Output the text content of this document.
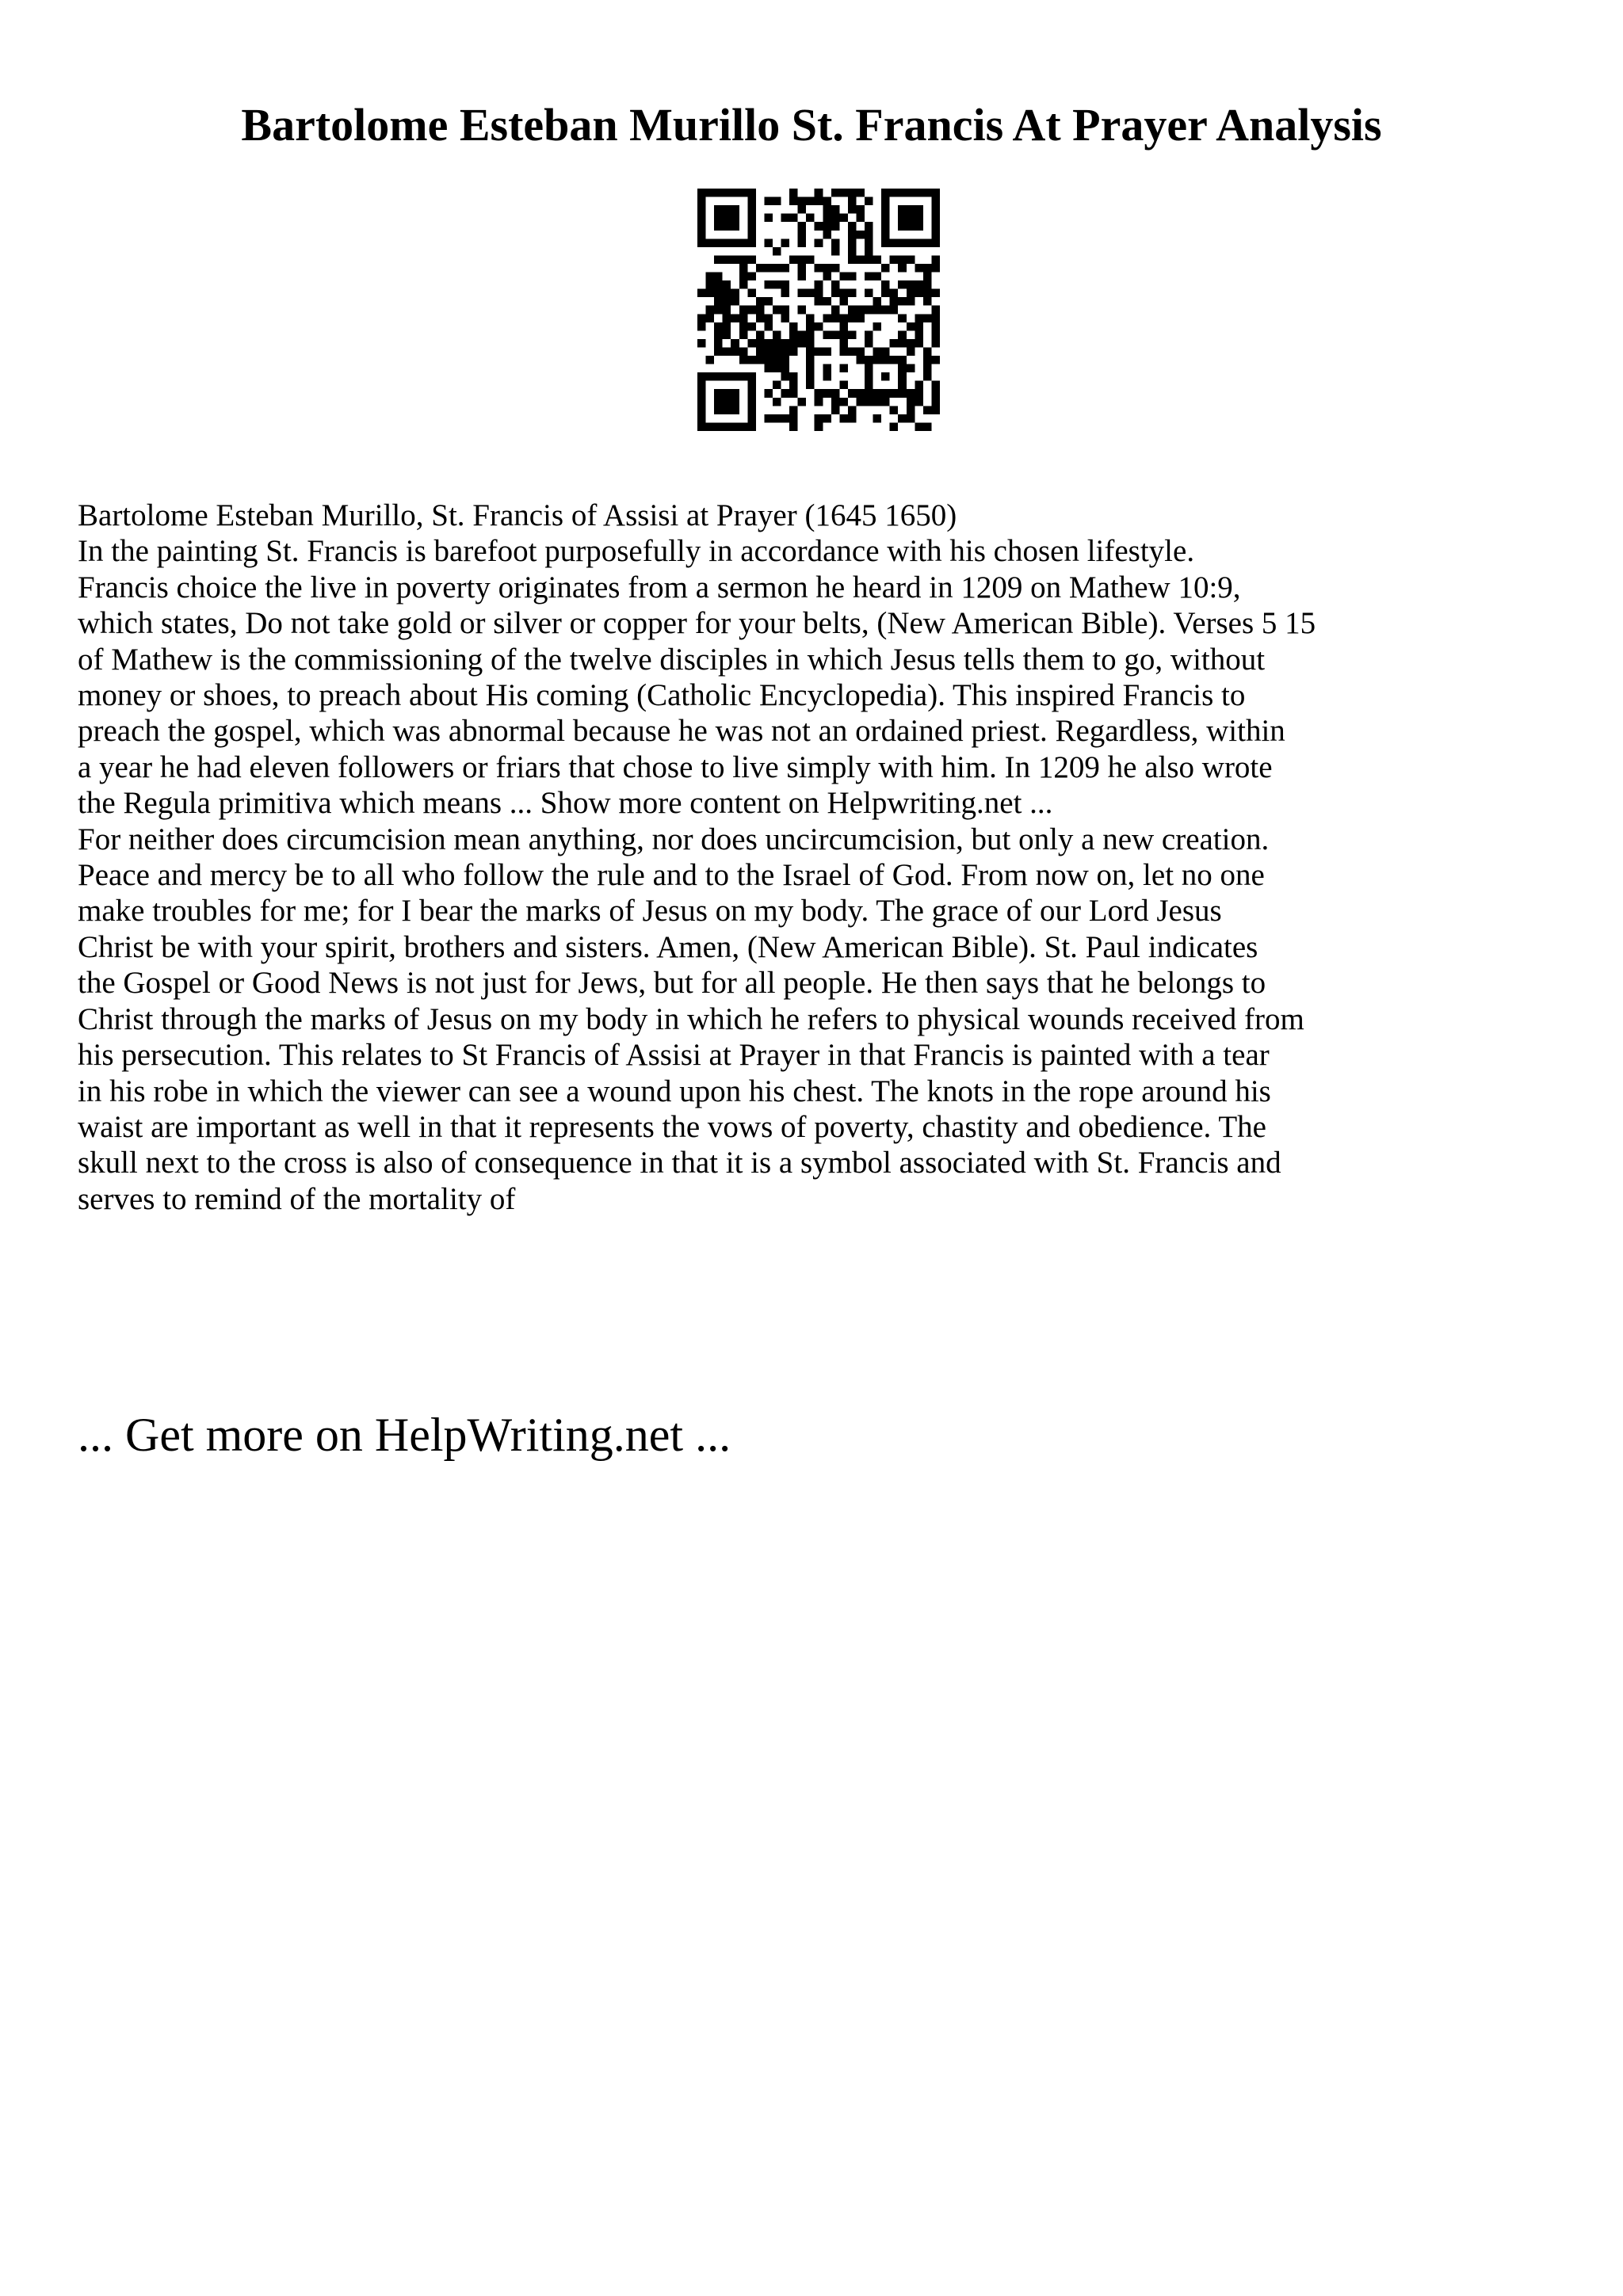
Bartolome Esteban Murillo St. Francis At Prayer Analysis
Bartolome Esteban Murillo, St. Francis of Assisi at Prayer (1645 1650)
In the painting St. Francis is barefoot purposefully in accordance with his chosen lifestyle.
Francis choice the live in poverty originates from a sermon he heard in 1209 on Mathew 10:9,
which states, Do not take gold or silver or copper for your belts, (New American Bible). Verses 5 15
of Mathew is the commissioning of the twelve disciples in which Jesus tells them to go, without
money or shoes, to preach about His coming (Catholic Encyclopedia). This inspired Francis to
preach the gospel, which was abnormal because he was not an ordained priest. Regardless, within
a year he had eleven followers or friars that chose to live simply with him. In 1209 he also wrote
the Regula primitiva which means ... Show more content on Helpwriting.net ...
For neither does circumcision mean anything, nor does uncircumcision, but only a new creation.
Peace and mercy be to all who follow the rule and to the Israel of God. From now on, let no one
make troubles for me; for I bear the marks of Jesus on my body. The grace of our Lord Jesus
Christ be with your spirit, brothers and sisters. Amen, (New American Bible). St. Paul indicates
the Gospel or Good News is not just for Jews, but for all people. He then says that he belongs to
Christ through the marks of Jesus on my body in which he refers to physical wounds received from
his persecution. This relates to St Francis of Assisi at Prayer in that Francis is painted with a tear
in his robe in which the viewer can see a wound upon his chest. The knots in the rope around his
waist are important as well in that it represents the vows of poverty, chastity and obedience. The
skull next to the cross is also of consequence in that it is a symbol associated with St. Francis and
serves to remind of the mortality of
... Get more on HelpWriting.net ...
